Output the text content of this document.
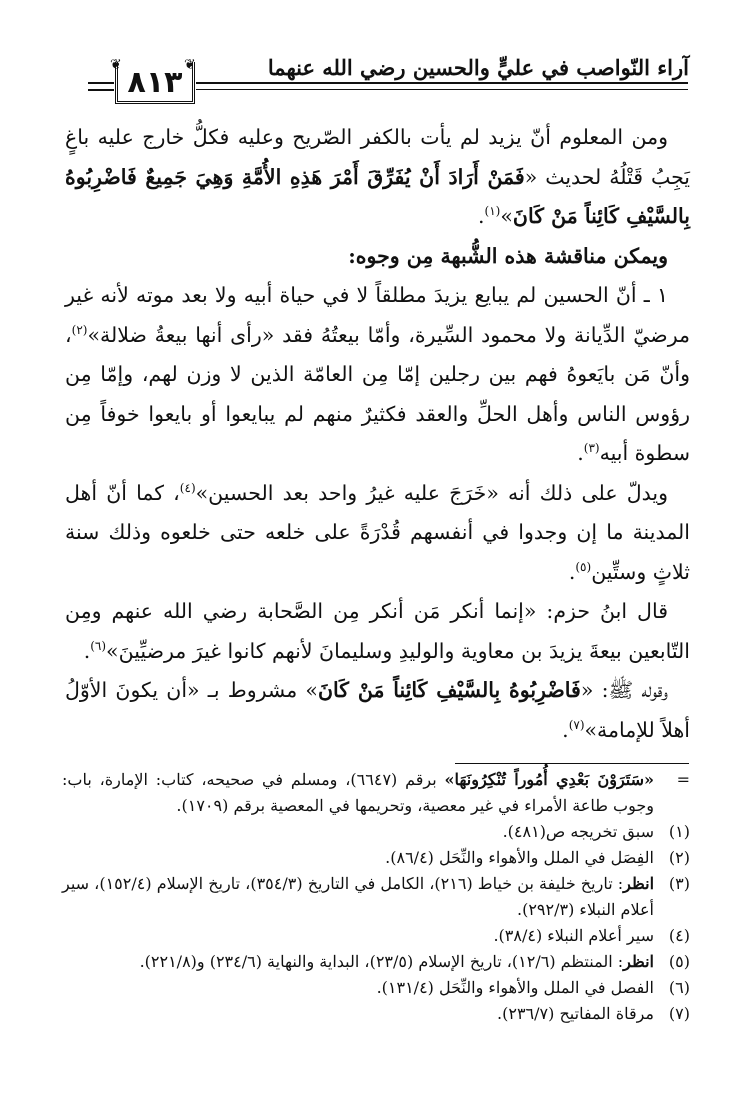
❦ ٨١٣ ❦	آراء النّواصب في عليٍّ والحسين رضي الله عنهما

ومن المعلوم أنّ يزيد لم يأت بالكفر الصّريح وعليه فكلُّ خارج عليه باغٍ يَجِبُ قَتْلُهُ لحديث «فَمَنْ أَرَادَ أَنْ يُفَرِّقَ أَمْرَ هَذِهِ الأُمَّةِ وَهِيَ جَمِيعٌ فَاضْرِبُوهُ بِالسَّيْفِ كَائِناً مَنْ كَانَ»$^{(١)}$.

ويمكن مناقشة هذه الشُّبهة مِن وجوه:

١ ـ أنّ الحسين لم يبايع يزيدَ مطلقاً لا في حياة أبيه ولا بعد موته لأنه غير مرضيّ الدِّيانة ولا محمود السِّيرة، وأمّا بيعتُهُ فقد «رأى أنها بيعةُ ضلالة»$^{(٢)}$، وأنّ مَن بايَعوهُ فهم بين رجلين إمّا مِن العامّة الذين لا وزن لهم، وإمّا مِن رؤوس الناس وأهل الحلِّ والعقد فكثيرٌ منهم لم يبايعوا أو بايعوا خوفاً مِن سطوة أبيه$^{(٣)}$.

ويدلّ على ذلك أنه «خَرَجَ عليه غيرُ واحد بعد الحسين»$^{(٤)}$، كما أنّ أهل المدينة ما إن وجدوا في أنفسهم قُدْرَةً على خلعه حتى خلعوه وذلك سنة ثلاثٍ وستِّين$^{(٥)}$.

قال ابنُ حزم: «إنما أنكر مَن أنكر مِن الصَّحابة رضي الله عنهم ومِن التّابعين بيعةَ يزيدَ بن معاوية والوليدِ وسليمانَ لأنهم كانوا غيرَ مرضيِّينَ»$^{(٦)}$.

وقوله ﷺ: «فَاضْرِبُوهُ بِالسَّيْفِ كَائِناً مَنْ كَانَ» مشروط بـ «أن يكونَ الأوّلُ أهلاً للإمامة»$^{(٧)}$.

=
«سَتَرَوْنَ بَعْدِي أُمُوراً تُنْكِرُونَهَا» برقم (٦٦٤٧)، ومسلم في صحيحه، كتاب: الإمارة، باب: وجوب طاعة الأمراء في غير معصية، وتحريمها في المعصية برقم (١٧٠٩).
(١)
سبق تخريجه ص(٤٨١).
(٢)
الفِصَل في الملل والأهواء والنِّحَل (٨٦/٤).
(٣)
انظر: تاريخ خليفة بن خياط (٢١٦)، الكامل في التاريخ (٣٥٤/٣)، تاريخ الإسلام (١٥٢/٤)، سير أعلام النبلاء (٢٩٢/٣).
(٤)
سير أعلام النبلاء (٣٨/٤).
(٥)
انظر: المنتظم (١٢/٦)، تاريخ الإسلام (٢٣/٥)، البداية والنهاية (٢٣٤/٦) و(٢٢١/٨).
(٦)
الفصل في الملل والأهواء والنِّحَل (١٣١/٤).
(٧)
مرقاة المفاتيح (٢٣٦/٧).
